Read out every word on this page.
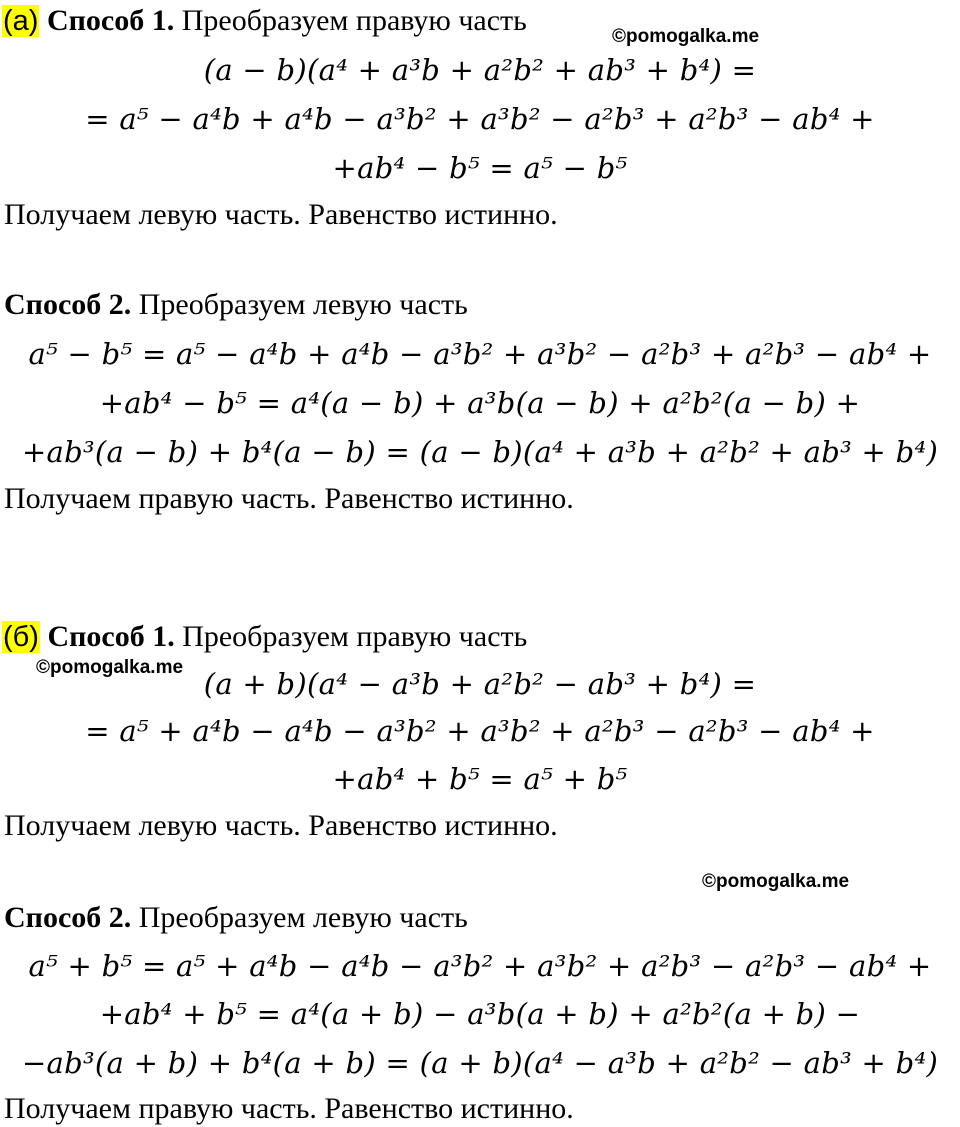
(а) Способ 1. Преобразуем правую часть	©pomogalka.me
(a − b)(a⁴ + a³b + a²b² + ab³ + b⁴) =
= a⁵ − a⁴b + a⁴b − a³b² + a³b² − a²b³ + a²b³ − ab⁴ +
+ab⁴ − b⁵ = a⁵ − b⁵
Получаем левую часть. Равенство истинно.
Способ 2. Преобразуем левую часть
a⁵ − b⁵ = a⁵ − a⁴b + a⁴b − a³b² + a³b² − a²b³ + a²b³ − ab⁴ +
+ab⁴ − b⁵ = a⁴(a − b) + a³b(a − b) + a²b²(a − b) +
+ab³(a − b) + b⁴(a − b) = (a − b)(a⁴ + a³b + a²b² + ab³ + b⁴)
Получаем правую часть. Равенство истинно.
(б) Способ 1. Преобразуем правую часть
©pomogalka.me (a + b)(a⁴ − a³b + a²b² − ab³ + b⁴) =
= a⁵ + a⁴b − a⁴b − a³b² + a³b² + a²b³ − a²b³ − ab⁴ +
+ab⁴ + b⁵ = a⁵ + b⁵
Получаем левую часть. Равенство истинно.
©pomogalka.me
Способ 2. Преобразуем левую часть
a⁵ + b⁵ = a⁵ + a⁴b − a⁴b − a³b² + a³b² + a²b³ − a²b³ − ab⁴ +
+ab⁴ + b⁵ = a⁴(a + b) − a³b(a + b) + a²b²(a + b) −
−ab³(a + b) + b⁴(a + b) = (a + b)(a⁴ − a³b + a²b² − ab³ + b⁴)
Получаем правую часть. Равенство истинно.
